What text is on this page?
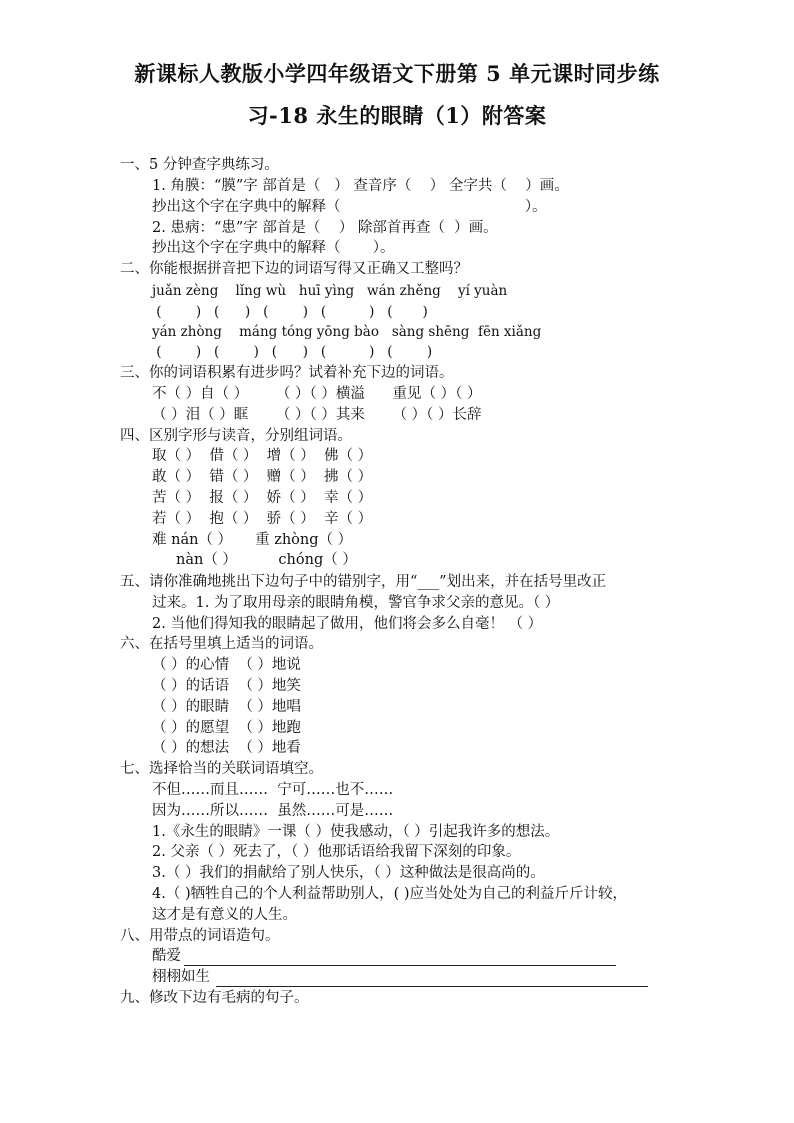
新课标人教版小学四年级语文下册第 5 单元课时同步练
习-18 永生的眼睛（1）附答案
一、5 分钟查字典练习。
1. 角膜：“膜”字 部首是（   ） 查音序（    ） 全字共（    ）画。
抄出这个字在字典中的解释（                                        ）。
2. 患病：“患”字 部首是（    ） 除部首再查（  ）画。
抄出这个字在字典中的解释（       ）。
二、你能根据拼音把下边的词语写得又正确又工整吗？
juǎn zèng    lǐng wù   huī yìng   wán zhěng    yí yuàn
(        )   (      )   (        )   (          )   (       )
yán zhòng    máng tóng yōng bào   sàng shēng  fēn xiǎng
(        )   (        )   (      )   (          )   (        )
三、你的词语积累有进步吗？试着补充下边的词语。
不（ ）自（ ）      （ ）（ ）横溢      重见（ ）（ ）
（ ）泪（ ）眶      （ ）（ ）其来      （ ）（ ）长辞
四、区别字形与读音，分别组词语。
取（ ）  借（ ）  增（ ）  佛（ ）
敢（ ）  错（ ）  赠（ ）  拂（ ）
苦（ ）  报（ ）  娇（ ）  幸（ ）
若（ ）  抱（ ）  骄（ ）  辛（ ）
难 nán（ ）     重 zhòng（ ）
nàn（ ）         chóng（ ）
五、请你准确地挑出下边句子中的错别字，用“___”划出来，并在括号里改正
过来。1. 为了取用母亲的眼睛角模，警官争求父亲的意见。（ ）
2. 当他们得知我的眼睛起了做用，他们将会多么自毫！ （ ）
六、在括号里填上适当的词语。
（ ）的心情  （ ）地说
（ ）的话语  （ ）地笑
（ ）的眼睛  （ ）地唱
（ ）的愿望  （ ）地跑
（ ）的想法  （ ）地看
七、选择恰当的关联词语填空。
不但……而且……  宁可……也不……
因为……所以……  虽然……可是……
1.《永生的眼睛》一课（ ）使我感动，（ ）引起我许多的想法。
2. 父亲（ ）死去了，（ ）他那话语给我留下深刻的印象。
3.（ ）我们的捐献给了别人快乐，（ ）这种做法是很高尚的。
4.（ )牺牲自己的个人利益帮助别人，( )应当处处为自己的利益斤斤计较，
这才是有意义的人生。
八、用带点的词语造句。
酷爱
栩栩如生
九、修改下边有毛病的句子。
